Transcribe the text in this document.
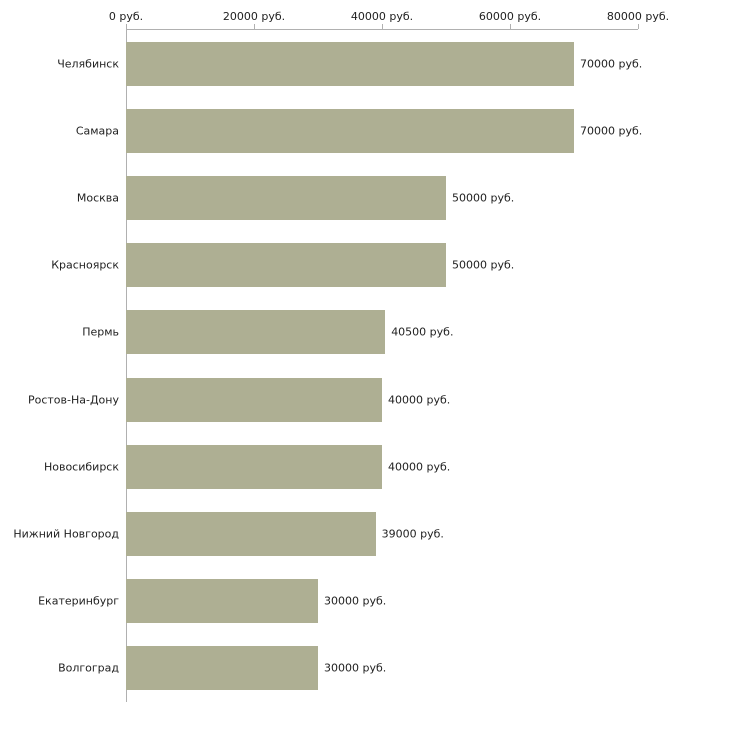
0 руб.	20000 руб.	40000 руб.	60000 руб.	80000 руб.
Челябинск	70000 руб.
Самара	70000 руб.
Москва	50000 руб.
Красноярск	50000 руб.
Пермь	40500 руб.
Ростов-На-Дону	40000 руб.
Новосибирск	40000 руб.
Нижний Новгород	39000 руб.
Екатеринбург	30000 руб.
Волгоград	30000 руб.
